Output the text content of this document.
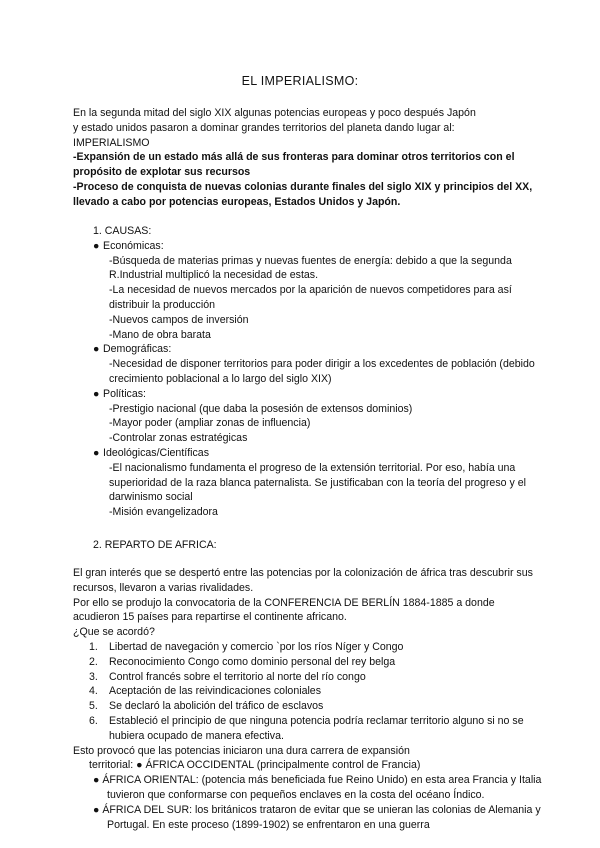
EL IMPERIALISMO:

En la segunda mitad del siglo XIX algunas potencias europeas y poco después Japón

y estado unidos pasaron a dominar grandes territorios del planeta dando lugar al:

IMPERIALISMO

-Expansión de un estado más allá de sus fronteras para dominar otros territorios con el propósito de explotar sus recursos

-Proceso de conquista de nuevas colonias durante finales del siglo XIX y principios del XX, llevado a cabo por potencias europeas, Estados Unidos y Japón.

1. CAUSAS:
● Económicas:
-Búsqueda de materias primas y nuevas fuentes de energía: debido a que la segunda R.Industrial multiplicó la necesidad de estas.
-La necesidad de nuevos mercados por la aparición de nuevos competidores para así distribuir la producción
-Nuevos campos de inversión
-Mano de obra barata
● Demográficas:
-Necesidad de disponer territorios para poder dirigir a los excedentes de población (debido crecimiento poblacional a lo largo del siglo XIX)
● Políticas:
-Prestigio nacional (que daba la posesión de extensos dominios)
-Mayor poder (ampliar zonas de influencia)
-Controlar zonas estratégicas
● Ideológicas/Científicas
-El nacionalismo fundamenta el progreso de la extensión territorial. Por eso, había una superioridad de la raza blanca paternalista. Se justificaban con la teoría del progreso y el darwinismo social
-Misión evangelizadora
2. REPARTO DE AFRICA:

El gran interés que se despertó entre las potencias por la colonización de áfrica tras descubrir sus recursos, llevaron a varias rivalidades.

Por ello se produjo la convocatoria de la CONFERENCIA DE BERLÍN 1884-1885 a donde acudieron 15 países para repartirse el continente africano.

¿Que se acordó?

1. Libertad de navegación y comercio `por los ríos Níger y Congo
2. Reconocimiento Congo como dominio personal del rey belga
3. Control francés sobre el territorio al norte del río congo
4. Aceptación de las reivindicaciones coloniales
5. Se declaró la abolición del tráfico de esclavos
6. Estableció el principio de que ninguna potencia podría reclamar territorio alguno si no se hubiera ocupado de manera efectiva.

Esto provocó que las potencias iniciaron una dura carrera de expansión

territorial: ● ÁFRICA OCCIDENTAL (principalmente control de Francia)
● ÁFRICA ORIENTAL: (potencia más beneficiada fue Reino Unido) en esta area Francia y Italia tuvieron que conformarse con pequeños enclaves en la costa del océano Índico.
● ÁFRICA DEL SUR: los británicos trataron de evitar que se unieran las colonias de Alemania y Portugal. En este proceso (1899-1902) se enfrentaron en una guerra
